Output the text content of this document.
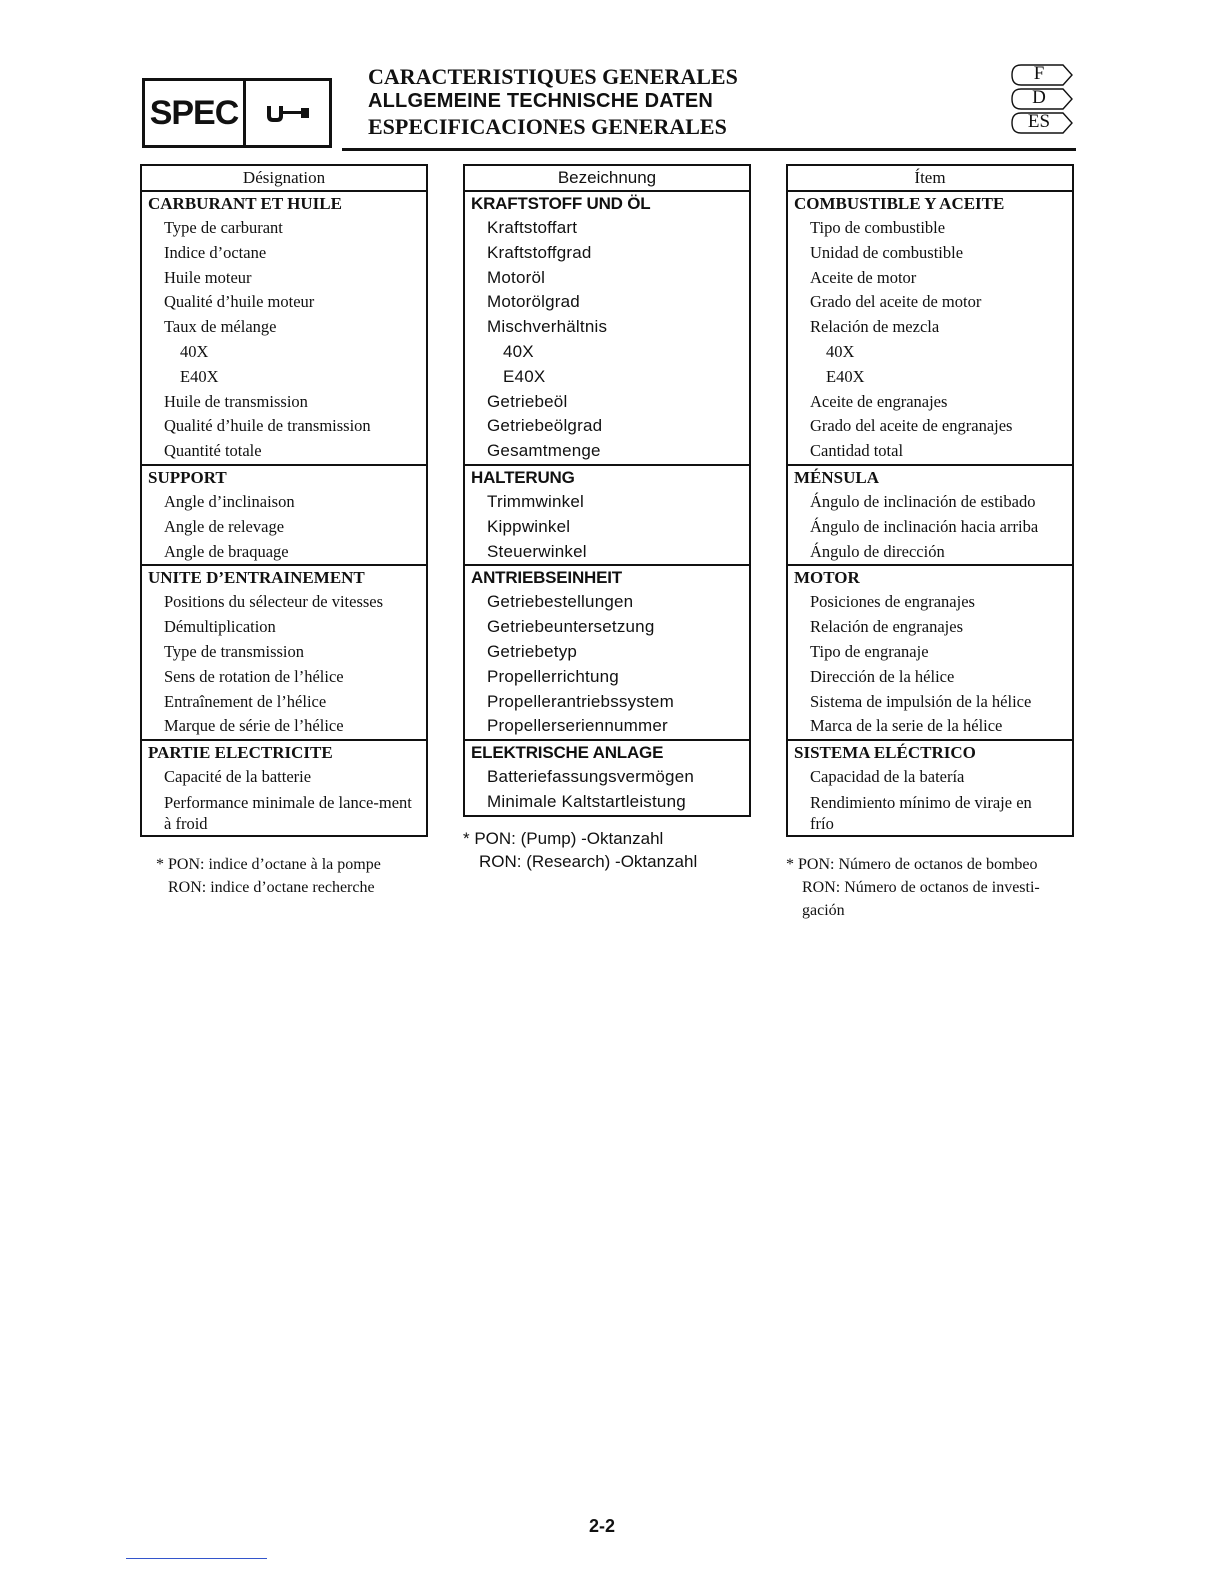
SPEC
CARACTERISTIQUES GENERALES
ALLGEMEINE TECHNISCHE DATEN
ESPECIFICACIONES GENERALES
F
D
ES
Désignation
CARBURANT ET HUILE
Type de carburant
Indice d’octane
Huile moteur
Qualité d’huile moteur
Taux de mélange
40X
E40X
Huile de transmission
Qualité d’huile de transmission
Quantité totale
SUPPORT
Angle d’inclinaison
Angle de relevage
Angle de braquage
UNITE D’ENTRAINEMENT
Positions du sélecteur de vitesses
Démultiplication
Type de transmission
Sens de rotation de l’hélice
Entraînement de l’hélice
Marque de série de l’hélice
PARTIE ELECTRICITE
Capacité de la batterie
Performance minimale de lance-ment à froid
* PON: indice d’octane à la pompe
RON: indice d’octane recherche
Bezeichnung
KRAFTSTOFF UND ÖL
Kraftstoffart
Kraftstoffgrad
Motoröl
Motorölgrad
Mischverhältnis
40X
E40X
Getriebeöl
Getriebeölgrad
Gesamtmenge
HALTERUNG
Trimmwinkel
Kippwinkel
Steuerwinkel
ANTRIEBSEINHEIT
Getriebestellungen
Getriebeuntersetzung
Getriebetyp
Propellerrichtung
Propellerantriebssystem
Propellerseriennummer
ELEKTRISCHE ANLAGE
Batteriefassungsvermögen
Minimale Kaltstartleistung
* PON: (Pump) -Oktanzahl
RON: (Research) -Oktanzahl
Ítem
COMBUSTIBLE Y ACEITE
Tipo de combustible
Unidad de combustible
Aceite de motor
Grado del aceite de motor
Relación de mezcla
40X
E40X
Aceite de engranajes
Grado del aceite de engranajes
Cantidad total
MÉNSULA
Ángulo de inclinación de estibado
Ángulo de inclinación hacia arriba
Ángulo de dirección
MOTOR
Posiciones de engranajes
Relación de engranajes
Tipo de engranaje
Dirección de la hélice
Sistema de impulsión de la hélice
Marca de la serie de la hélice
SISTEMA ELÉCTRICO
Capacidad de la batería
Rendimiento mínimo de viraje en frío
* PON: Número de octanos de bombeo
RON: Número de octanos de investi-gación
2-2
